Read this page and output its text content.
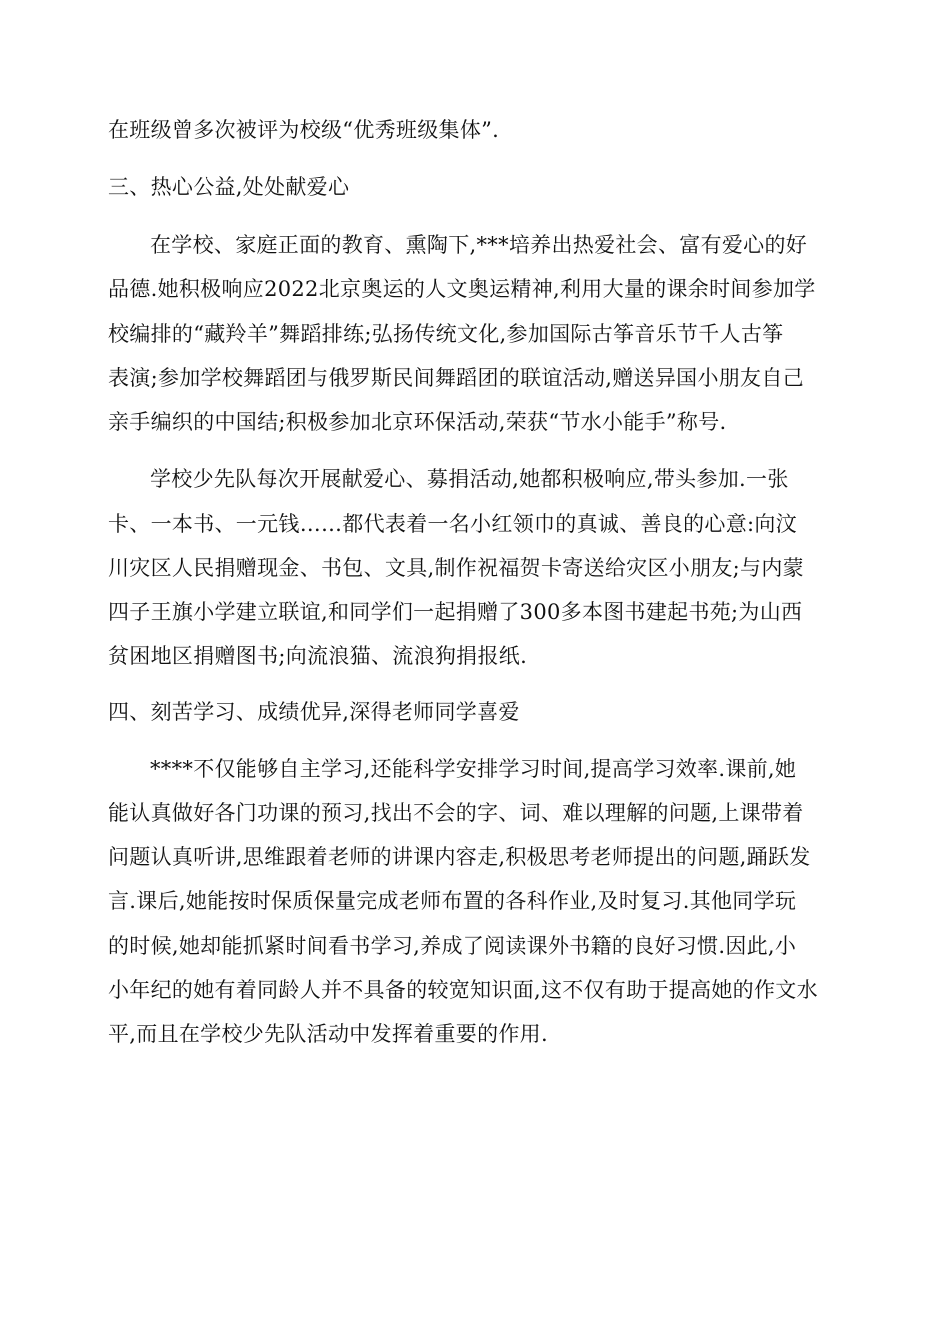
在班级曾多次被评为校级“优秀班级集体”.
三、热心公益,处处献爱心
在学校、家庭正面的教育、熏陶下,***培养出热爱社会、富有爱心的好
品德.她积极响应2022北京奥运的人文奥运精神,利用大量的课余时间参加学
校编排的“藏羚羊”舞蹈排练;弘扬传统文化,参加国际古筝音乐节千人古筝
表演;参加学校舞蹈团与俄罗斯民间舞蹈团的联谊活动,赠送异国小朋友自己
亲手编织的中国结;积极参加北京环保活动,荣获“节水小能手”称号.
学校少先队每次开展献爱心、募捐活动,她都积极响应,带头参加.一张
卡、一本书、一元钱……都代表着一名小红领巾的真诚、善良的心意:向汶
川灾区人民捐赠现金、书包、文具,制作祝福贺卡寄送给灾区小朋友;与内蒙
四子王旗小学建立联谊,和同学们一起捐赠了300多本图书建起书苑;为山西
贫困地区捐赠图书;向流浪猫、流浪狗捐报纸.
四、刻苦学习、成绩优异,深得老师同学喜爱
****不仅能够自主学习,还能科学安排学习时间,提高学习效率.课前,她
能认真做好各门功课的预习,找出不会的字、词、难以理解的问题,上课带着
问题认真听讲,思维跟着老师的讲课内容走,积极思考老师提出的问题,踊跃发
言.课后,她能按时保质保量完成老师布置的各科作业,及时复习.其他同学玩
的时候,她却能抓紧时间看书学习,养成了阅读课外书籍的良好习惯.因此,小
小年纪的她有着同龄人并不具备的较宽知识面,这不仅有助于提高她的作文水
平,而且在学校少先队活动中发挥着重要的作用.
